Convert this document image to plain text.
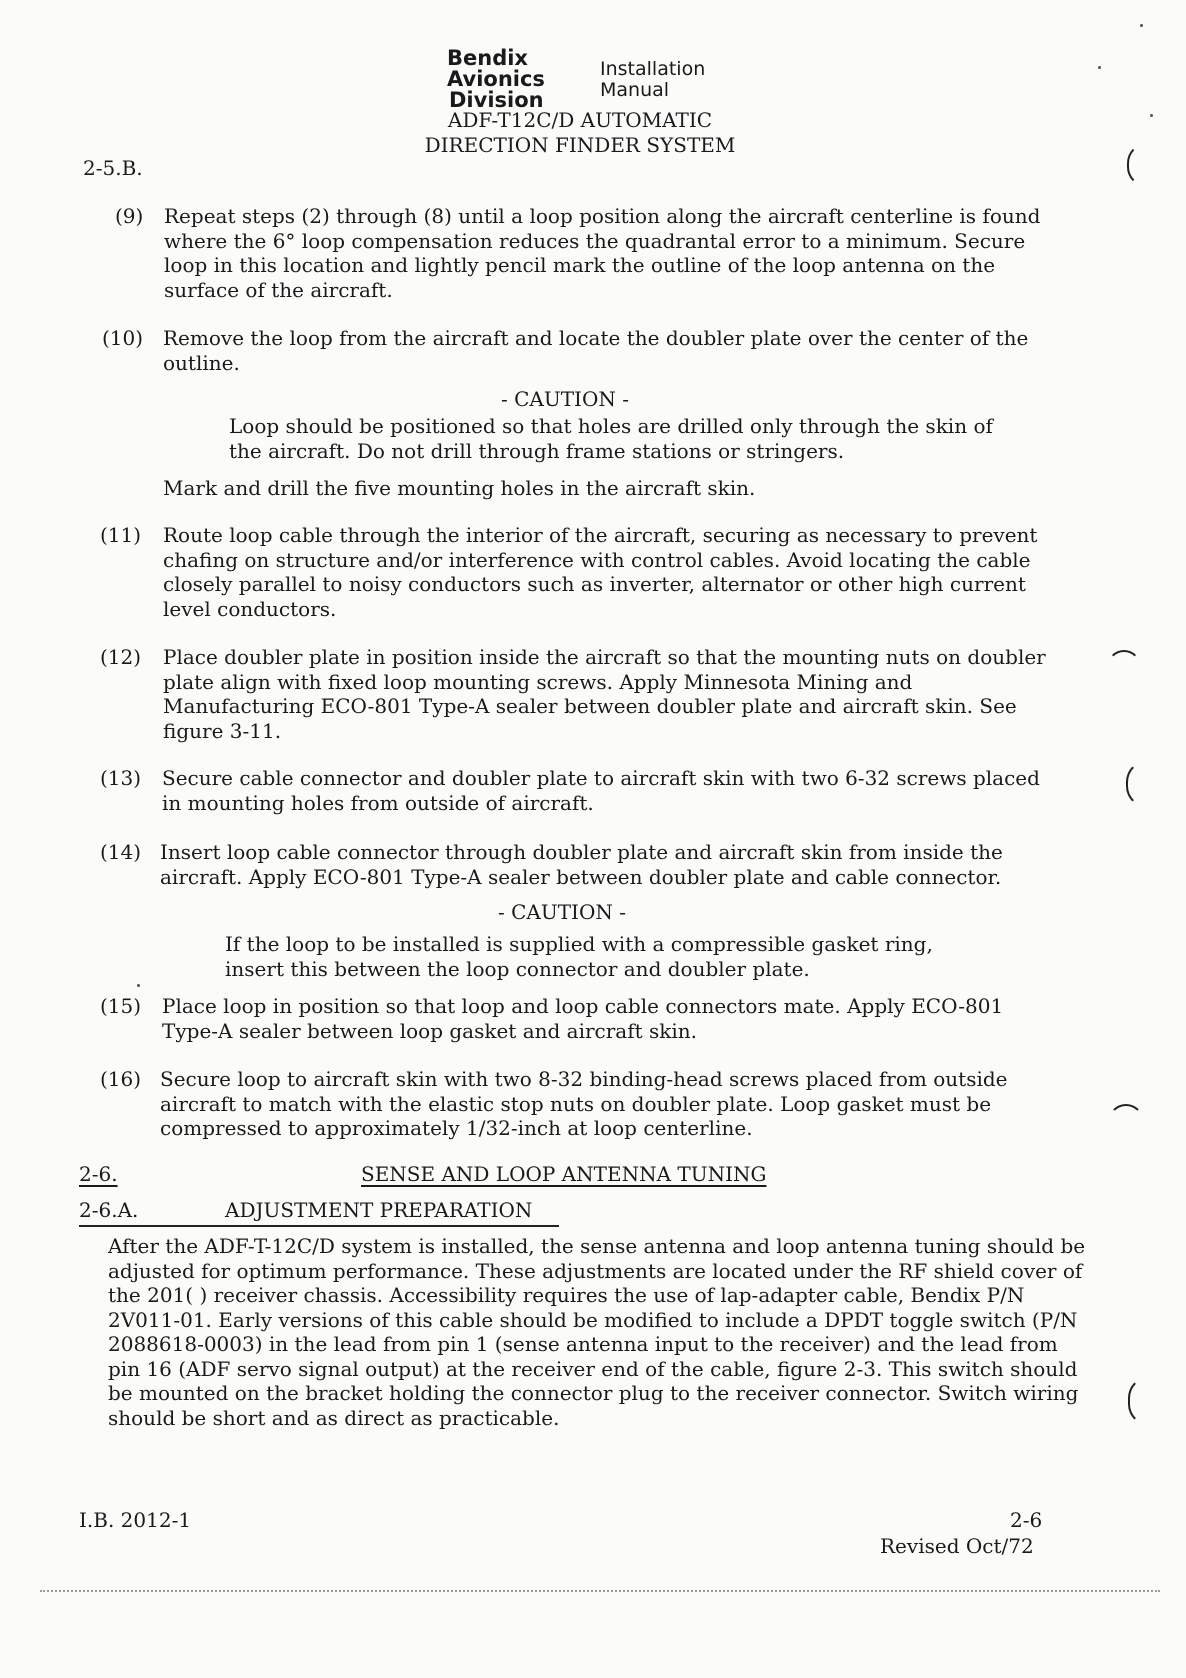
Bendix
Avionics
Division
Installation
Manual
ADF-T12C/D AUTOMATIC
DIRECTION FINDER SYSTEM
2-5.B.
(9) Repeat steps (2) through (8) until a loop position along the aircraft centerline is found where the 6° loop compensation reduces the quadrantal error to a minimum. Secure loop in this location and lightly pencil mark the outline of the loop antenna on the surface of the aircraft.

(10) Remove the loop from the aircraft and locate the doubler plate over the center of the outline.

- CAUTION -

Loop should be positioned so that holes are drilled only through the skin of the aircraft. Do not drill through frame stations or stringers.

Mark and drill the five mounting holes in the aircraft skin.

(11) Route loop cable through the interior of the aircraft, securing as necessary to prevent chafing on structure and/or interference with control cables. Avoid locating the cable closely parallel to noisy conductors such as inverter, alternator or other high current level conductors.

(12) Place doubler plate in position inside the aircraft so that the mounting nuts on doubler plate align with fixed loop mounting screws. Apply Minnesota Mining and Manufacturing ECO-801 Type-A sealer between doubler plate and aircraft skin. See figure 3-11.

(13) Secure cable connector and doubler plate to aircraft skin with two 6-32 screws placed in mounting holes from outside of aircraft.

(14) Insert loop cable connector through doubler plate and aircraft skin from inside the aircraft. Apply ECO-801 Type-A sealer between doubler plate and cable connector.

- CAUTION -

If the loop to be installed is supplied with a compressible gasket ring, insert this between the loop connector and doubler plate.

(15) Place loop in position so that loop and loop cable connectors mate. Apply ECO-801 Type-A sealer between loop gasket and aircraft skin.

(16) Secure loop to aircraft skin with two 8-32 binding-head screws placed from outside aircraft to match with the elastic stop nuts on doubler plate. Loop gasket must be compressed to approximately 1/32-inch at loop centerline.

2-6.	SENSE AND LOOP ANTENNA TUNING
2-6.A.	ADJUSTMENT PREPARATION

After the ADF-T-12C/D system is installed, the sense antenna and loop antenna tuning should be adjusted for optimum performance. These adjustments are located under the RF shield cover of the 201( ) receiver chassis. Accessibility requires the use of lap-adapter cable, Bendix P/N 2V011-01. Early versions of this cable should be modified to include a DPDT toggle switch (P/N 2088618-0003) in the lead from pin 1 (sense antenna input to the receiver) and the lead from pin 16 (ADF servo signal output) at the receiver end of the cable, figure 2-3. This switch should be mounted on the bracket holding the connector plug to the receiver connector. Switch wiring should be short and as direct as practicable.

I.B. 2012-1	2-6
Revised Oct/72
